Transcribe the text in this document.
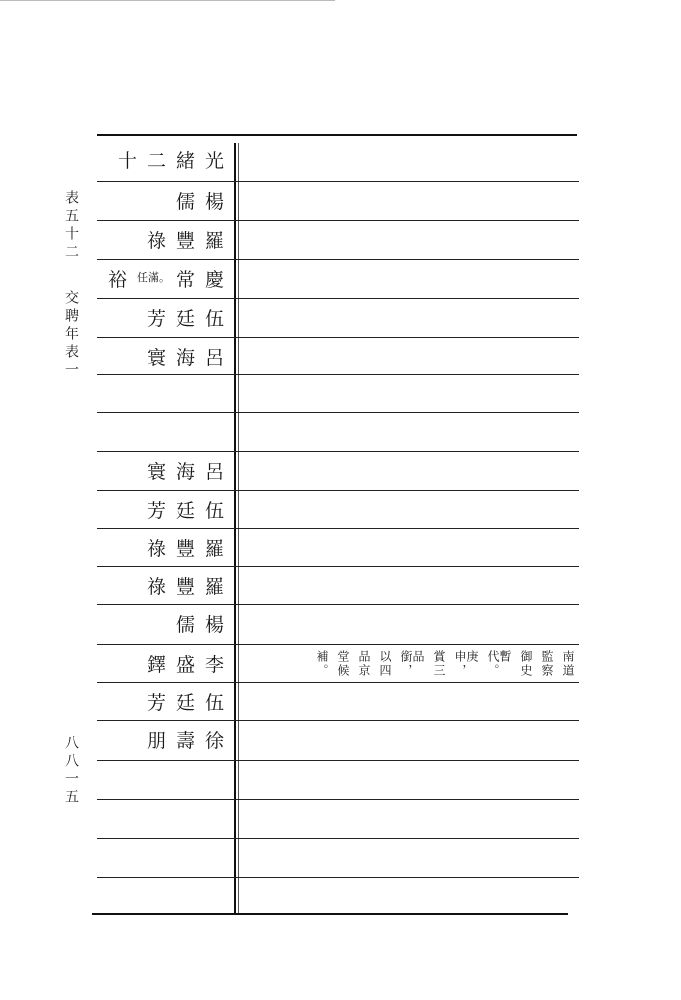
表五十二
交聘年表一
八八一五
光緒二十
楊儒
羅豐祿
裕 任滿。 慶常
伍廷芳
呂海寰
呂海寰
伍廷芳
羅豐祿
羅豐祿
楊儒
李盛鐸
伍廷芳
徐壽朋
南道
監察
御史
暫代。
庚申，
賞三
品銜，
以四
品京
堂候
補。
